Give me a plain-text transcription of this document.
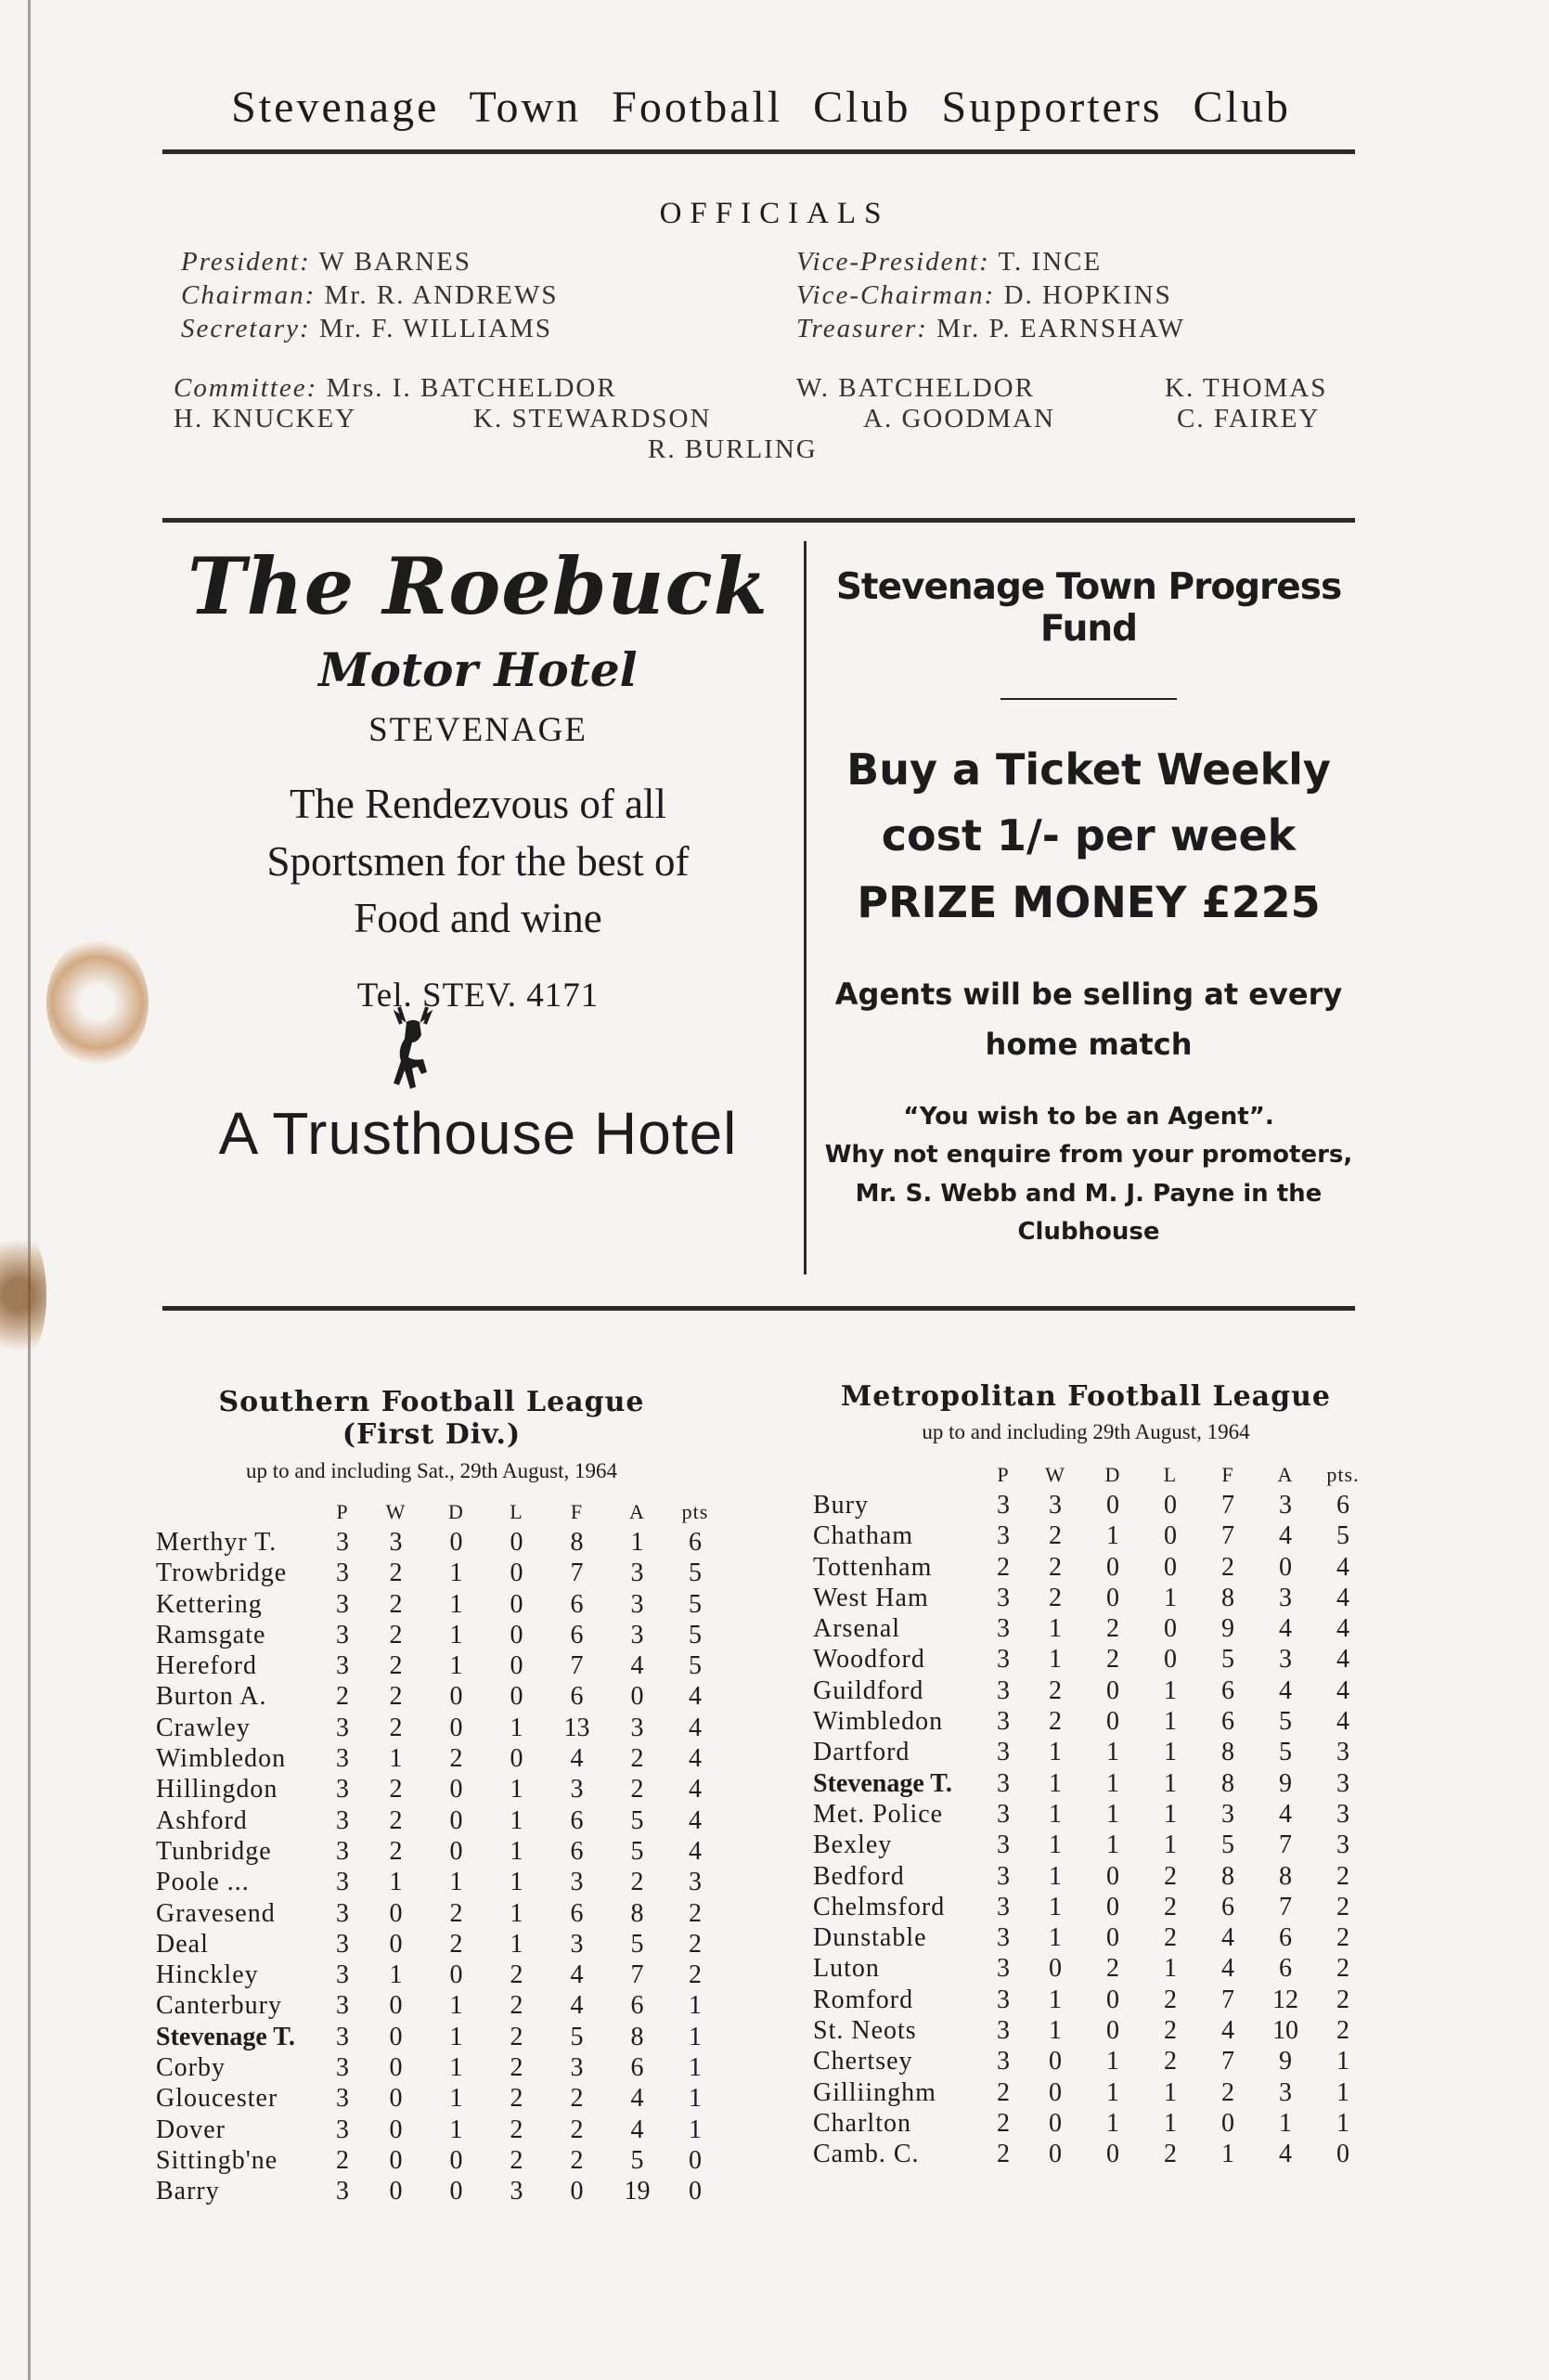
Stevenage Town Football Club Supporters Club
OFFICIALS
President: W BARNES	Vice-President: T. INCE
Chairman: Mr. R. ANDREWS	Vice-Chairman: D. HOPKINS
Secretary: Mr. F. WILLIAMS	Treasurer: Mr. P. EARNSHAW
Committee: Mrs. I. BATCHELDOR	W. BATCHELDOR	K. THOMAS
H. KNUCKEY	K. STEWARDSON	A. GOODMAN	C. FAIREY
R. BURLING
The Roebuck
Motor Hotel
STEVENAGE
The Rendezvous of all
Sportsmen for the best of
Food and wine
Tel. STEV. 4171
A Trusthouse Hotel
Stevenage Town Progress Fund
Buy a Ticket Weekly
cost 1/- per week
PRIZE MONEY £225
Agents will be selling at every
home match
“You wish to be an Agent”.
Why not enquire from your promoters,
Mr. S. Webb and M. J. Payne in the
Clubhouse
Southern Football League
(First Div.)
up to and including Sat., 29th August, 1964
	P	W	D	L	F	A	pts
Merthyr T.	3	3	0	0	8	1	6
Trowbridge	3	2	1	0	7	3	5
Kettering	3	2	1	0	6	3	5
Ramsgate	3	2	1	0	6	3	5
Hereford	3	2	1	0	7	4	5
Burton A.	2	2	0	0	6	0	4
Crawley	3	2	0	1	13	3	4
Wimbledon	3	1	2	0	4	2	4
Hillingdon	3	2	0	1	3	2	4
Ashford	3	2	0	1	6	5	4
Tunbridge	3	2	0	1	6	5	4
Poole ...	3	1	1	1	3	2	3
Gravesend	3	0	2	1	6	8	2
Deal	3	0	2	1	3	5	2
Hinckley	3	1	0	2	4	7	2
Canterbury	3	0	1	2	4	6	1
Stevenage T.	3	0	1	2	5	8	1
Corby	3	0	1	2	3	6	1
Gloucester	3	0	1	2	2	4	1
Dover	3	0	1	2	2	4	1
Sittingb'ne	2	0	0	2	2	5	0
Barry	3	0	0	3	0	19	0
Metropolitan Football League
up to and including 29th August, 1964
	P	W	D	L	F	A	pts.
Bury	3	3	0	0	7	3	6
Chatham	3	2	1	0	7	4	5
Tottenham	2	2	0	0	2	0	4
West Ham	3	2	0	1	8	3	4
Arsenal	3	1	2	0	9	4	4
Woodford	3	1	2	0	5	3	4
Guildford	3	2	0	1	6	4	4
Wimbledon	3	2	0	1	6	5	4
Dartford	3	1	1	1	8	5	3
Stevenage T.	3	1	1	1	8	9	3
Met. Police	3	1	1	1	3	4	3
Bexley	3	1	1	1	5	7	3
Bedford	3	1	0	2	8	8	2
Chelmsford	3	1	0	2	6	7	2
Dunstable	3	1	0	2	4	6	2
Luton	3	0	2	1	4	6	2
Romford	3	1	0	2	7	12	2
St. Neots	3	1	0	2	4	10	2
Chertsey	3	0	1	2	7	9	1
Gilliinghm	2	0	1	1	2	3	1
Charlton	2	0	1	1	0	1	1
Camb. C.	2	0	0	2	1	4	0
